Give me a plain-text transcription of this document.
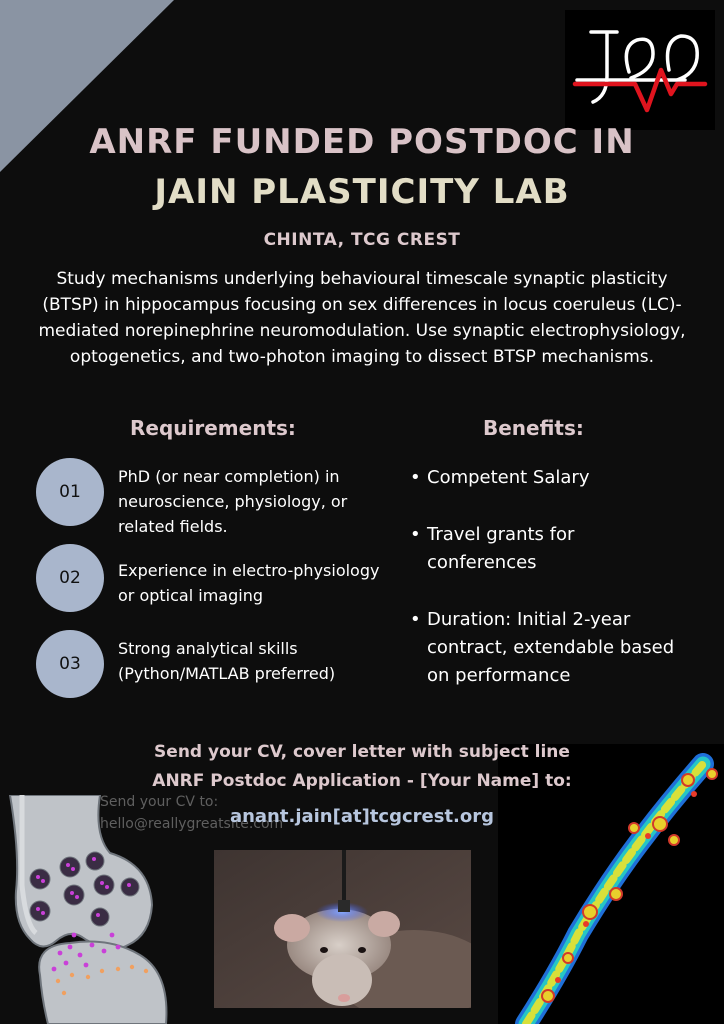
ANRF FUNDED POSTDOC IN
JAIN PLASTICITY LAB
CHINTA, TCG CREST
Study mechanisms underlying behavioural timescale synaptic plasticity (BTSP) in hippocampus focusing on sex differences in locus coeruleus (LC)-mediated norepinephrine neuromodulation. Use synaptic electrophysiology, optogenetics, and two-photon imaging to dissect BTSP mechanisms.
Requirements:	Benefits:
01
PhD (or near completion) in neuroscience, physiology, or related fields.
02	Experience in electro-physiology or optical imaging
03
Strong analytical skills (Python/MATLAB preferred)
• Competent Salary
• Travel grants for conferences
• Duration: Initial 2-year contract, extendable based on performance
Send your CV to:
hello@reallygreatsite.com
Send your CV, cover letter with subject line
ANRF Postdoc Application - [Your Name] to:
anant.jain[at]tcgcrest.org
